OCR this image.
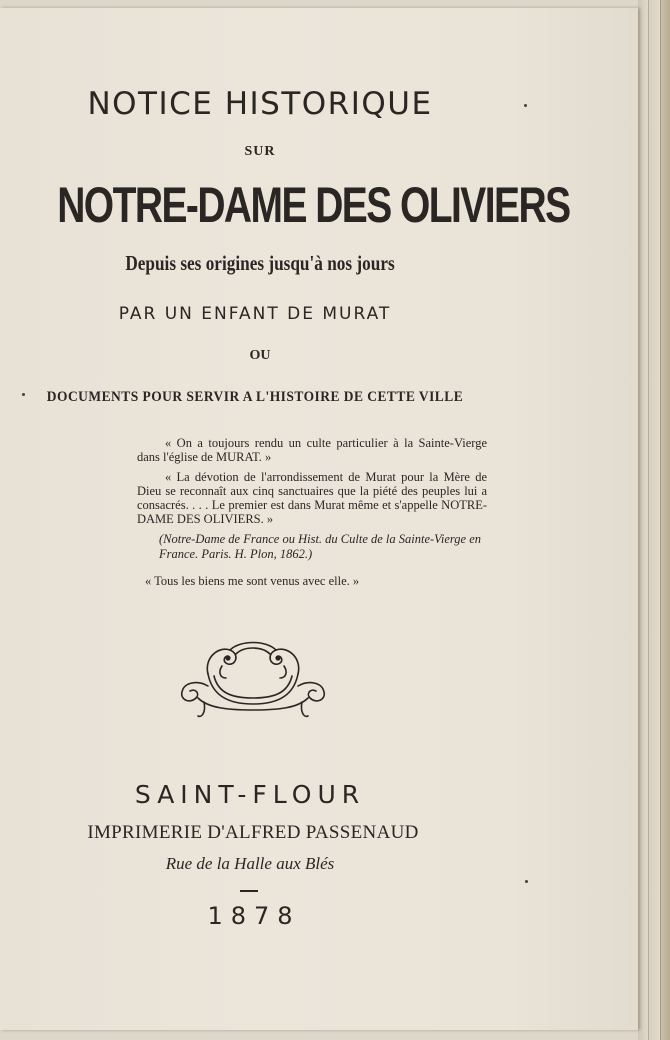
NOTICE HISTORIQUE
SUR
NOTRE-DAME DES OLIVIERS
Depuis ses origines jusqu'à nos jours
PAR UN ENFANT DE MURAT
OU
DOCUMENTS POUR SERVIR A L'HISTOIRE DE CETTE VILLE

« On a toujours rendu un culte particulier à la Sainte-Vierge dans l'église de MURAT. »

« La dévotion de l'arrondissement de Murat pour la Mère de Dieu se reconnaît aux cinq sanctuaires que la piété des peuples lui a consacrés. . . . Le premier est dans Murat même et s'appelle NOTRE-DAME DES OLIVIERS. »

(Notre-Dame de France ou Hist. du Culte de la Sainte-Vierge en France. Paris. H. Plon, 1862.)

« Tous les biens me sont venus avec elle. »

SAINT-FLOUR
IMPRIMERIE D'ALFRED PASSENAUD
Rue de la Halle aux Blés
1878
